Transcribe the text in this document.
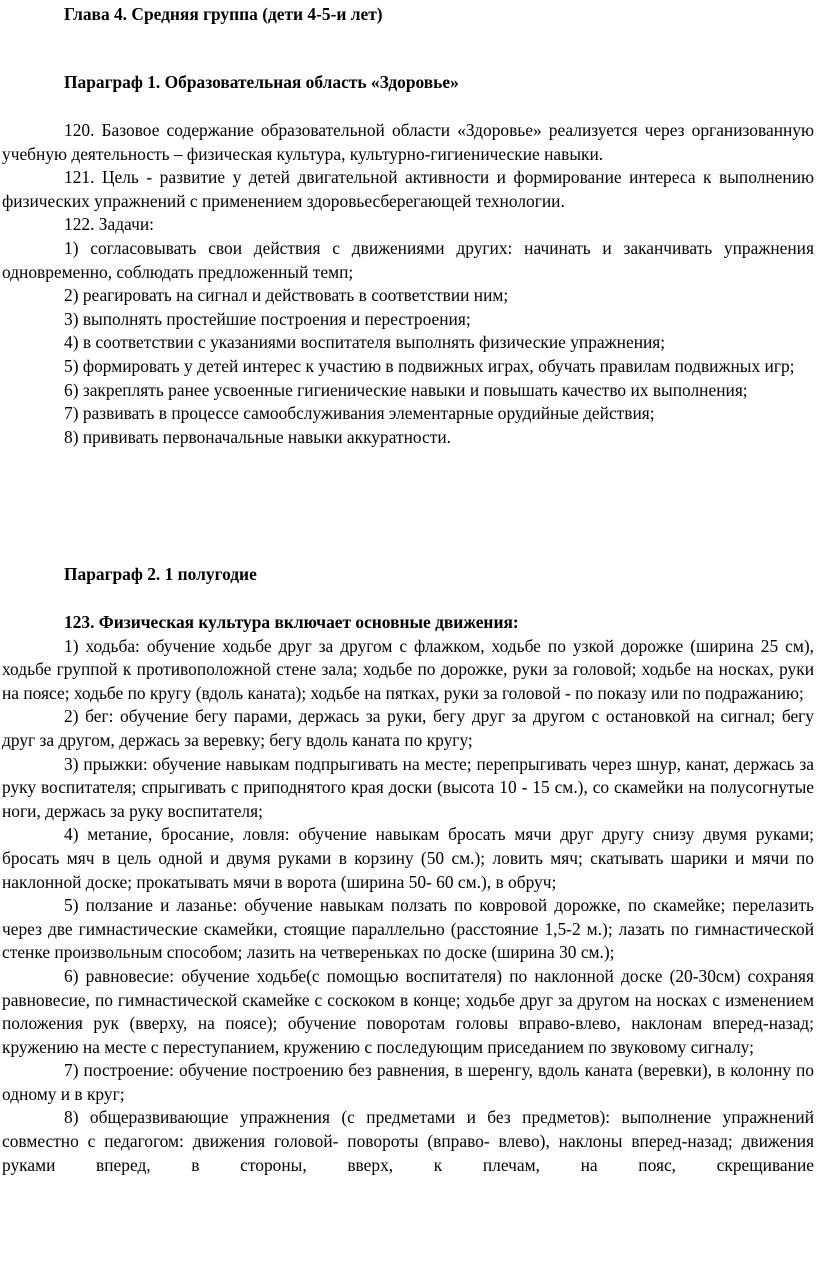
Глава 4. Средняя группа (дети 4-5-и лет)

Параграф 1. Образовательная область «Здоровье»

120. Базовое содержание образовательной области «Здоровье» реализуется через организованную учебную деятельность – физическая культура, культурно-гигиенические навыки.

121. Цель - развитие у детей двигательной активности и формирование интереса к выполнению физических упражнений с применением здоровьесберегающей технологии.

122. Задачи:

1) согласовывать свои действия с движениями других: начинать и заканчивать упражнения одновременно, соблюдать предложенный темп;

2) реагировать на сигнал и действовать в соответствии ним;

3) выполнять простейшие построения и перестроения;

4) в соответствии с указаниями воспитателя выполнять физические упражнения;

5) формировать у детей интерес к участию в подвижных играх, обучать правилам подвижных игр;

6) закреплять ранее усвоенные гигиенические навыки и повышать качество их выполнения;

7) развивать в процессе самообслуживания элементарные орудийные действия;

8) прививать первоначальные навыки аккуратности.

Параграф 2. 1 полугодие

123. Физическая культура включает основные движения:

1) ходьба: обучение ходьбе друг за другом с флажком, ходьбе по узкой дорожке (ширина 25 см), ходьбе группой к противоположной стене зала; ходьбе по дорожке, руки за головой; ходьбе на носках, руки на поясе; ходьбе по кругу (вдоль каната); ходьбе на пятках, руки за головой - по показу или по подражанию;

2) бег: обучение бегу парами, держась за руки, бегу друг за другом с остановкой на сигнал; бегу друг за другом, держась за веревку; бегу вдоль каната по кругу;

3) прыжки: обучение навыкам подпрыгивать на месте; перепрыгивать через шнур, канат, держась за руку воспитателя; спрыгивать с приподнятого края доски (высота 10 - 15 см.), со скамейки на полусогнутые ноги, держась за руку воспитателя;

4) метание, бросание, ловля: обучение навыкам бросать мячи друг другу снизу двумя руками; бросать мяч в цель одной и двумя руками в корзину (50 см.); ловить мяч; скатывать шарики и мячи по наклонной доске; прокатывать мячи в ворота (ширина 50- 60 см.), в обруч;

5) ползание и лазанье: обучение навыкам ползать по ковровой дорожке, по скамейке; перелазить через две гимнастические скамейки, стоящие параллельно (расстояние 1,5-2 м.); лазать по гимнастической стенке произвольным способом; лазить на четвереньках по доске (ширина 30 см.);

6) равновесие: обучение ходьбе(с помощью воспитателя) по наклонной доске (20-30см) сохраняя равновесие, по гимнастической скамейке с соскоком в конце; ходьбе друг за другом на носках с изменением положения рук (вверху, на поясе); обучение поворотам головы вправо-влево, наклонам вперед-назад; кружению на месте с переступанием, кружению с последующим приседанием по звуковому сигналу;

7) построение: обучение построению без равнения, в шеренгу, вдоль каната (веревки), в колонну по одному и в круг;

8) общеразвивающие упражнения (с предметами и без предметов): выполнение упражнений совместно с педагогом: движения головой- повороты (вправо- влево), наклоны вперед-назад; движения руками вперед, в стороны, вверх, к плечам, на пояс, скрещивание
